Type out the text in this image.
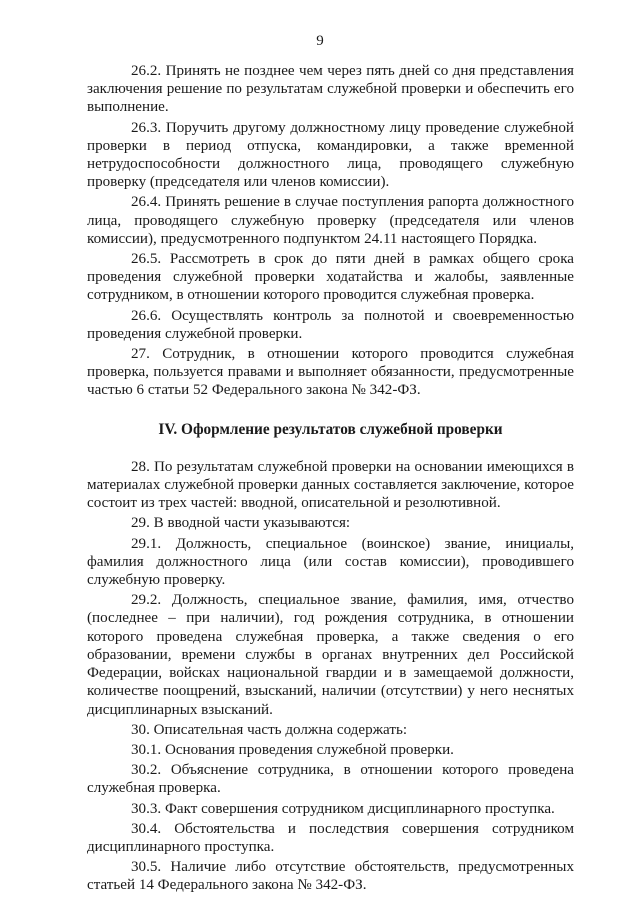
9

26.2. Принять не позднее чем через пять дней со дня представления заключения решение по результатам служебной проверки и обеспечить его выполнение.

26.3. Поручить другому должностному лицу проведение служебной проверки в период отпуска, командировки, а также временной нетрудоспособности должностного лица, проводящего служебную проверку (председателя или членов комиссии).

26.4. Принять решение в случае поступления рапорта должностного лица, проводящего служебную проверку (председателя или членов комиссии), предусмотренного подпунктом 24.11 настоящего Порядка.

26.5. Рассмотреть в срок до пяти дней в рамках общего срока проведения служебной проверки ходатайства и жалобы, заявленные сотрудником, в отношении которого проводится служебная проверка.

26.6. Осуществлять контроль за полнотой и своевременностью проведения служебной проверки.

27. Сотрудник, в отношении которого проводится служебная проверка, пользуется правами и выполняет обязанности, предусмотренные частью 6 статьи 52 Федерального закона № 342-ФЗ.

IV. Оформление результатов служебной проверки

28. По результатам служебной проверки на основании имеющихся в материалах служебной проверки данных составляется заключение, которое состоит из трех частей: вводной, описательной и резолютивной.

29. В вводной части указываются:

29.1. Должность, специальное (воинское) звание, инициалы, фамилия должностного лица (или состав комиссии), проводившего служебную проверку.

29.2. Должность, специальное звание, фамилия, имя, отчество (последнее – при наличии), год рождения сотрудника, в отношении которого проведена служебная проверка, а также сведения о его образовании, времени службы в органах внутренних дел Российской Федерации, войсках национальной гвардии и в замещаемой должности, количестве поощрений, взысканий, наличии (отсутствии) у него неснятых дисциплинарных взысканий.

30. Описательная часть должна содержать:

30.1. Основания проведения служебной проверки.

30.2. Объяснение сотрудника, в отношении которого проведена служебная проверка.

30.3. Факт совершения сотрудником дисциплинарного проступка.

30.4. Обстоятельства и последствия совершения сотрудником дисциплинарного проступка.

30.5. Наличие либо отсутствие обстоятельств, предусмотренных статьей 14 Федерального закона № 342-ФЗ.
